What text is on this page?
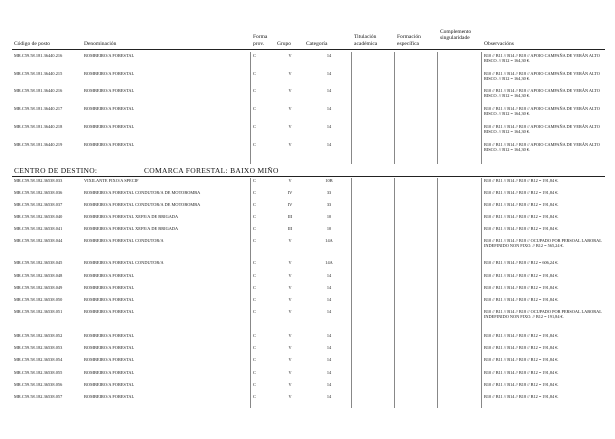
Código de posto	Denominación
Forma
prov. Grupo	Categoría
Titulación
académica
Formación
específica
Complemento
singularidade
Observacións
MR.C59.58.181.36440.216	BOMBEIRO/A FORESTAL	C	V	14	B10 // B11 // B14 // B18 // APOIO CAMPAÑA DE VERÁN ALTO RISCO. // B12 = 164,30 €.
MR.C59.58.181.36440.215	BOMBEIRO/A FORESTAL	C	V	14	B10 // B11 // B14 // B18 // APOIO CAMPAÑA DE VERÁN ALTO RISCO. // B12 = 164,30 €.
MR.C59.58.181.36440.216	BOMBEIRO/A FORESTAL	C	V	14	B10 // B11 // B14 // B18 // APOIO CAMPAÑA DE VERÁN ALTO RISCO. // B12 = 164,30 €.
MR.C59.58.181.36440.217	BOMBEIRO/A FORESTAL	C	V	14	B10 // B11 // B14 // B18 // APOIO CAMPAÑA DE VERÁN ALTO RISCO. // B12 = 164,30 €.
MR.C59.58.181.36440.218	BOMBEIRO/A FORESTAL	C	V	14	B10 // B11 // B14 // B18 // APOIO CAMPAÑA DE VERÁN ALTO RISCO. // B12 = 164,30 €.
MR.C59.58.181.36440.219	BOMBEIRO/A FORESTAL	C	V	14	B10 // B11 // B14 // B18 // APOIO CAMPAÑA DE VERÁN ALTO RISCO. // B12 = 164,30 €.
CENTRO DE DESTINO:	COMARCA FORESTAL: BAIXO MIÑO
MR.C59.58.182.36538.033	VIXILANTE FIXO/A SPECIF	C	V	10B	B10 // B11 // B14 // B18 // B12 = 191,84 €.
MR.C59.58.182.36538.036	BOMBEIRO/A FORESTAL CONDUTOR/A DE MOTOBOMBA	C	IV	33	B10 // B11 // B14 // B18 // B12 = 191,84 €.
MR.C59.58.182.36538.037	BOMBEIRO/A FORESTAL CONDUTOR/A DE MOTOBOMBA	C	IV	33	B10 // B11 // B14 // B18 // B12 = 191,84 €.
MR.C59.58.182.36538.040	BOMBEIRO/A FORESTAL XEFE/A DE BRIGADA	C	III	10	B10 // B11 // B14 // B18 // B12 = 191,84 €.
MR.C59.58.182.36538.041	BOMBEIRO/A FORESTAL XEFE/A DE BRIGADA	C	III	10	B10 // B11 // B14 // B18 // B12 = 191,84 €.
MR.C59.58.182.36538.044	BOMBEIRO/A FORESTAL CONDUTOR/A	C	V	14A	B10 // B11 // B14 // B18 // OCUPADO POR PERSOAL LABORAL INDEFINIDO NON FIXO. // B12 = 565,24 €.
MR.C59.58.182.36538.045	BOMBEIRO/A FORESTAL CONDUTOR/A	C	V	14A	B10 // B11 // B14 // B18 // B12 = 606,24 €.
MR.C59.58.182.36538.048	BOMBEIRO/A FORESTAL	C	V	14	B10 // B11 // B14 // B18 // B12 = 191,84 €.
MR.C59.58.182.36538.049	BOMBEIRO/A FORESTAL	C	V	14	B10 // B11 // B14 // B18 // B12 = 191,84 €.
MR.C59.58.182.36538.050	BOMBEIRO/A FORESTAL	C	V	14	B10 // B11 // B14 // B18 // B12 = 191,84 €.
MR.C59.58.182.36538.051	BOMBEIRO/A FORESTAL	C	V	14	B10 // B11 // B14 // B18 // OCUPADO POR PERSOAL LABORAL INDEFINIDO NON FIXO. // B12 = 191,84 €.
MR.C59.58.182.36538.052	BOMBEIRO/A FORESTAL	C	V	14	B10 // B11 // B14 // B18 // B12 = 191,84 €.
MR.C59.58.182.36538.053	BOMBEIRO/A FORESTAL	C	V	14	B10 // B11 // B14 // B18 // B12 = 191,84 €.
MR.C59.58.182.36538.054	BOMBEIRO/A FORESTAL	C	V	14	B10 // B11 // B14 // B18 // B12 = 191,84 €.
MR.C59.58.182.36538.055	BOMBEIRO/A FORESTAL	C	V	14	B10 // B11 // B14 // B18 // B12 = 191,84 €.
MR.C59.58.182.36538.056	BOMBEIRO/A FORESTAL	C	V	14	B10 // B11 // B14 // B18 // B12 = 191,84 €.
MR.C59.58.182.36538.057	BOMBEIRO/A FORESTAL	C	V	14	B10 // B11 // B14 // B18 // B12 = 191,84 €.
